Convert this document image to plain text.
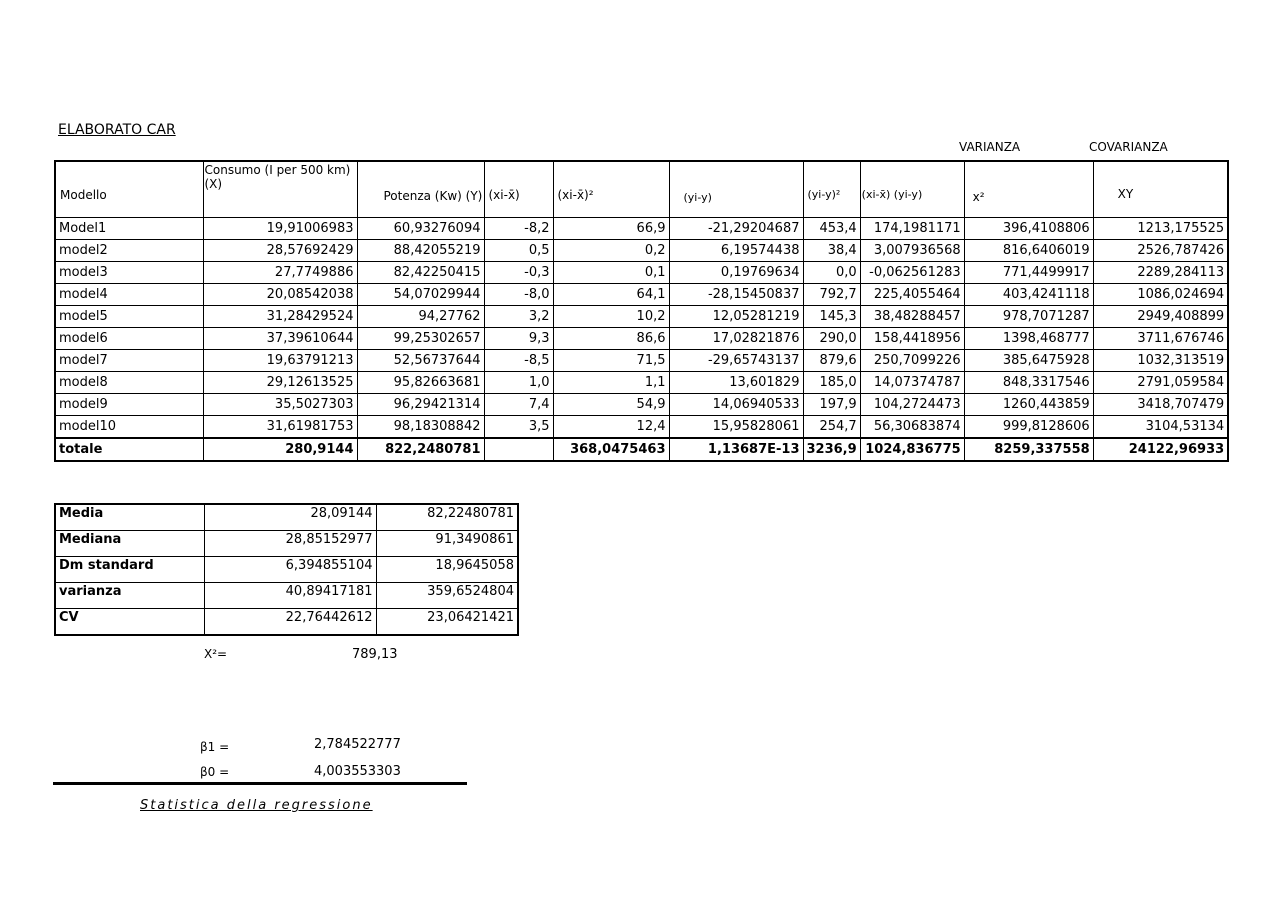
ELABORATO CAR
VARIANZA	COVARIANZA
Modello	Consumo (I per 500 km) (X)	Potenza (Kw) (Y)	(xi-x̄)	(xi-x̄)²	(yi-y)	(yi-y)²	(xi-x̄) (yi-y)	x²	XY

Model1	19,91006983	60,93276094	-8,2	66,9	-21,29204687	453,4	174,1981171	396,4108806	1213,175525
model2	28,57692429	88,42055219	0,5	0,2	6,19574438	38,4	3,007936568	816,6406019	2526,787426
model3	27,7749886	82,42250415	-0,3	0,1	0,19769634	0,0	-0,062561283	771,4499917	2289,284113
model4	20,08542038	54,07029944	-8,0	64,1	-28,15450837	792,7	225,4055464	403,4241118	1086,024694
model5	31,28429524	94,27762	3,2	10,2	12,05281219	145,3	38,48288457	978,7071287	2949,408899
model6	37,39610644	99,25302657	9,3	86,6	17,02821876	290,0	158,4418956	1398,468777	3711,676746
model7	19,63791213	52,56737644	-8,5	71,5	-29,65743137	879,6	250,7099226	385,6475928	1032,313519
model8	29,12613525	95,82663681	1,0	1,1	13,601829	185,0	14,07374787	848,3317546	2791,059584
model9	35,5027303	96,29421314	7,4	54,9	14,06940533	197,9	104,2724473	1260,443859	3418,707479
model10	31,61981753	98,18308842	3,5	12,4	15,95828061	254,7	56,30683874	999,8128606	3104,53134
totale	280,9144	822,2480781		368,0475463	1,13687E-13	3236,9	1024,836775	8259,337558	24122,96933
Media	28,09144	82,22480781
Mediana	28,85152977	91,3490861
Dm standard	6,394855104	18,9645058
varianza	40,89417181	359,6524804
CV	22,76442612	23,06421421
X²=	789,13
β1 =	2,784522777
β0 =	4,003553303
Statistica della regressione
